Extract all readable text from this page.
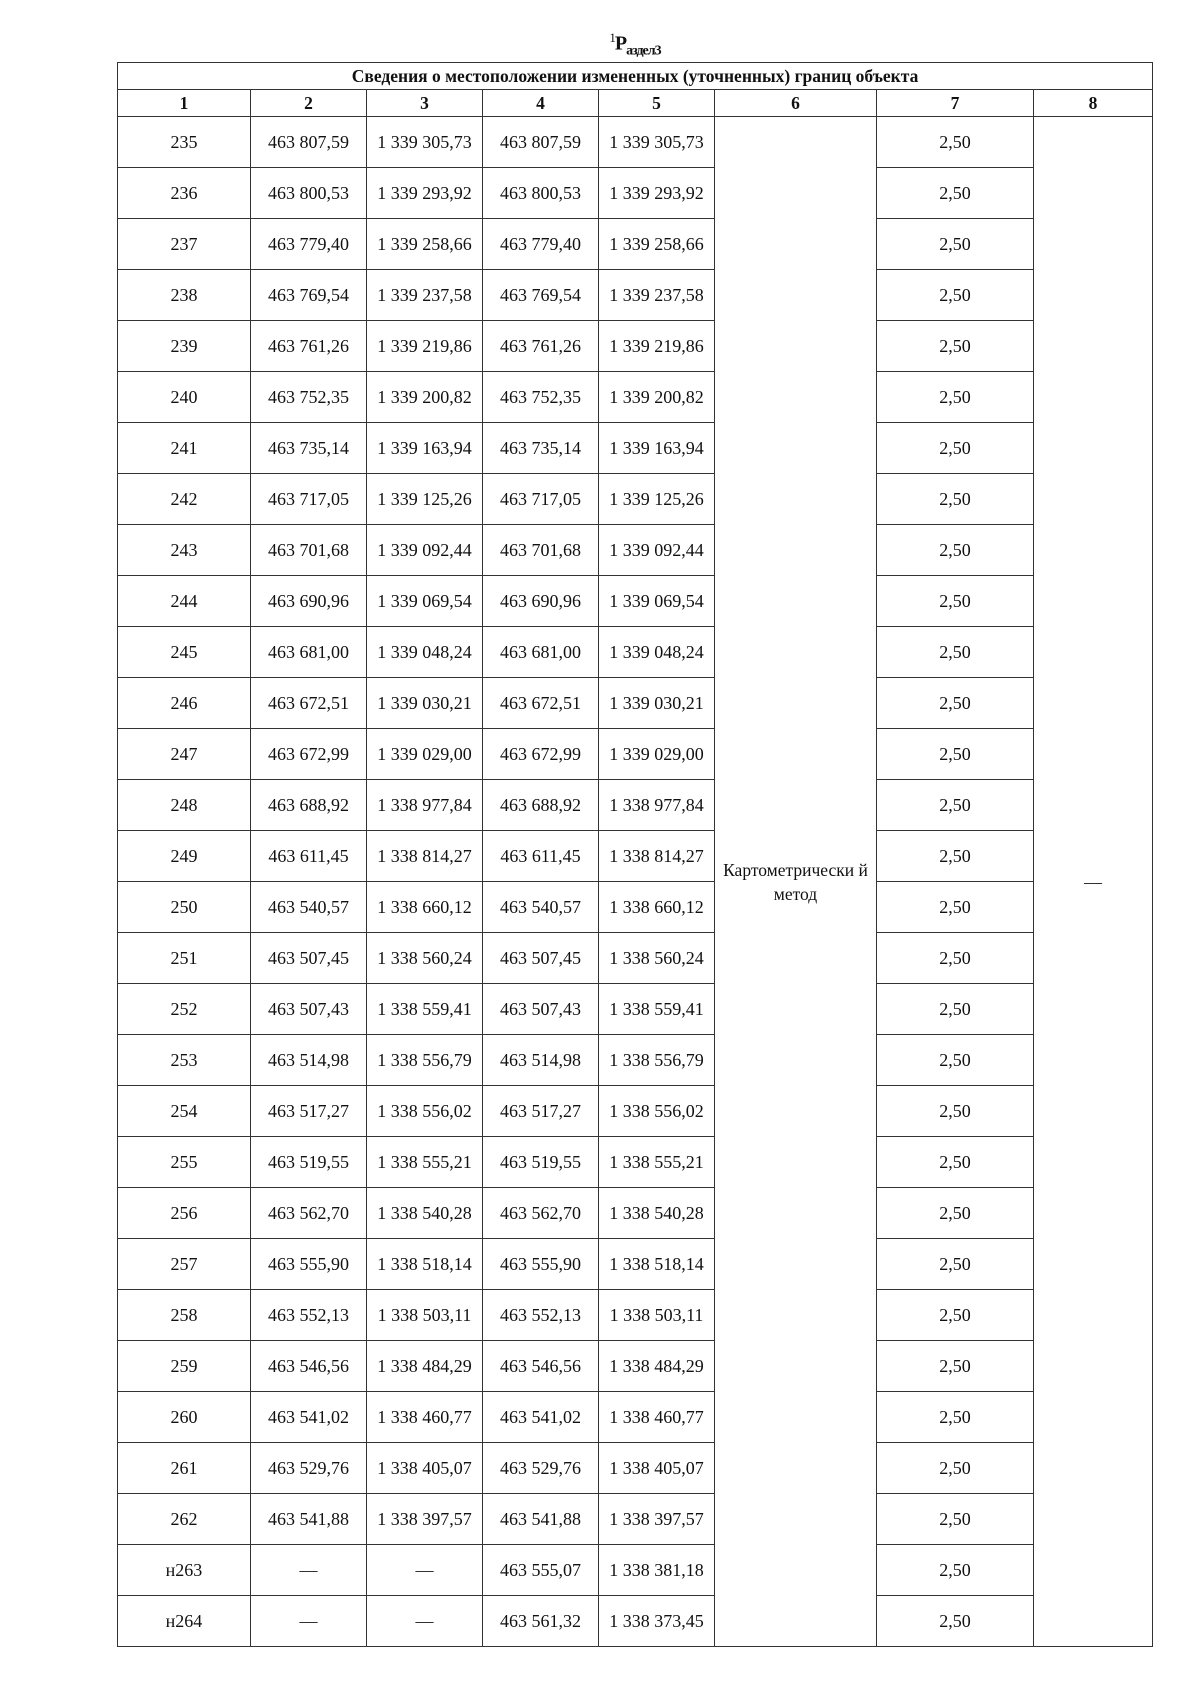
$^1Р_{аздел3}$
Сведения о местоположении измененных (уточненных) границ объекта							
1	2	3	4	5	6	7	8
235	463 807,59	1 339 305,73	463 807,59	1 339 305,73	Картометрически й метод	2,50	—
236	463 800,53	1 339 293,92	463 800,53	1 339 293,92		2,50	
237	463 779,40	1 339 258,66	463 779,40	1 339 258,66		2,50	
238	463 769,54	1 339 237,58	463 769,54	1 339 237,58		2,50	
239	463 761,26	1 339 219,86	463 761,26	1 339 219,86		2,50	
240	463 752,35	1 339 200,82	463 752,35	1 339 200,82		2,50	
241	463 735,14	1 339 163,94	463 735,14	1 339 163,94		2,50	
242	463 717,05	1 339 125,26	463 717,05	1 339 125,26		2,50	
243	463 701,68	1 339 092,44	463 701,68	1 339 092,44		2,50	
244	463 690,96	1 339 069,54	463 690,96	1 339 069,54		2,50	
245	463 681,00	1 339 048,24	463 681,00	1 339 048,24		2,50	
246	463 672,51	1 339 030,21	463 672,51	1 339 030,21		2,50	
247	463 672,99	1 339 029,00	463 672,99	1 339 029,00		2,50	
248	463 688,92	1 338 977,84	463 688,92	1 338 977,84		2,50	
249	463 611,45	1 338 814,27	463 611,45	1 338 814,27		2,50	
250	463 540,57	1 338 660,12	463 540,57	1 338 660,12		2,50	
251	463 507,45	1 338 560,24	463 507,45	1 338 560,24		2,50	
252	463 507,43	1 338 559,41	463 507,43	1 338 559,41		2,50	
253	463 514,98	1 338 556,79	463 514,98	1 338 556,79		2,50	
254	463 517,27	1 338 556,02	463 517,27	1 338 556,02		2,50	
255	463 519,55	1 338 555,21	463 519,55	1 338 555,21		2,50	
256	463 562,70	1 338 540,28	463 562,70	1 338 540,28		2,50	
257	463 555,90	1 338 518,14	463 555,90	1 338 518,14		2,50	
258	463 552,13	1 338 503,11	463 552,13	1 338 503,11		2,50	
259	463 546,56	1 338 484,29	463 546,56	1 338 484,29		2,50	
260	463 541,02	1 338 460,77	463 541,02	1 338 460,77		2,50	
261	463 529,76	1 338 405,07	463 529,76	1 338 405,07		2,50	
262	463 541,88	1 338 397,57	463 541,88	1 338 397,57		2,50	
н263	—	—	463 555,07	1 338 381,18		2,50	
н264	—	—	463 561,32	1 338 373,45		2,50	
